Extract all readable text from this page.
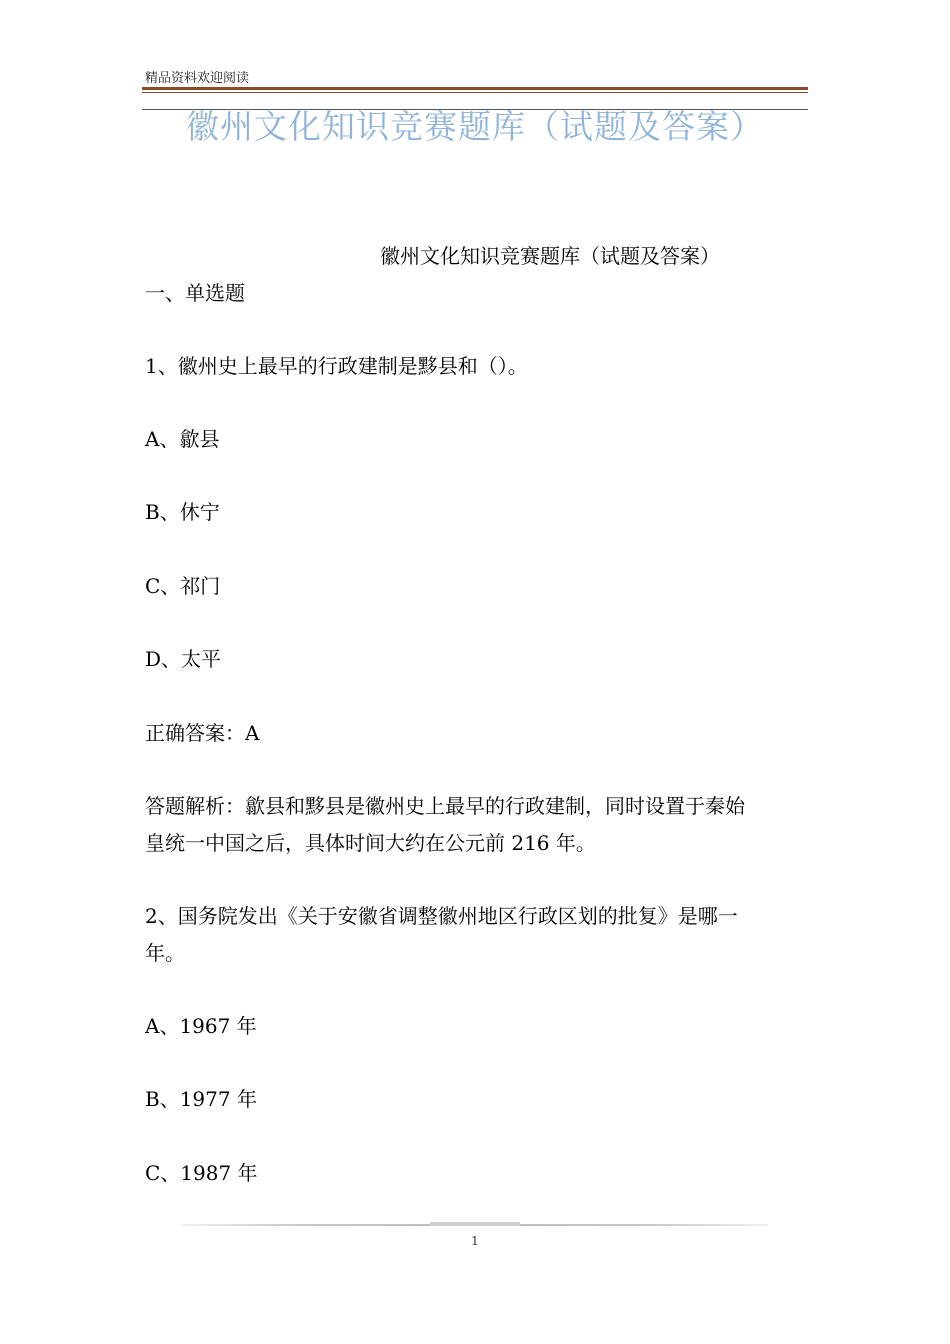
精品资料欢迎阅读
徽州文化知识竞赛题库（试题及答案）
徽州文化知识竞赛题库（试题及答案）
一、单选题
1、徽州史上最早的行政建制是黟县和（）。
A、歙县
B、休宁
C、祁门
D、太平
正确答案：A
答题解析：歙县和黟县是徽州史上最早的行政建制，同时设置于秦始
皇统一中国之后，具体时间大约在公元前 216 年。
2、国务院发出《关于安徽省调整徽州地区行政区划的批复》是哪一
年。
A、1967 年
B、1977 年
C、1987 年
1
